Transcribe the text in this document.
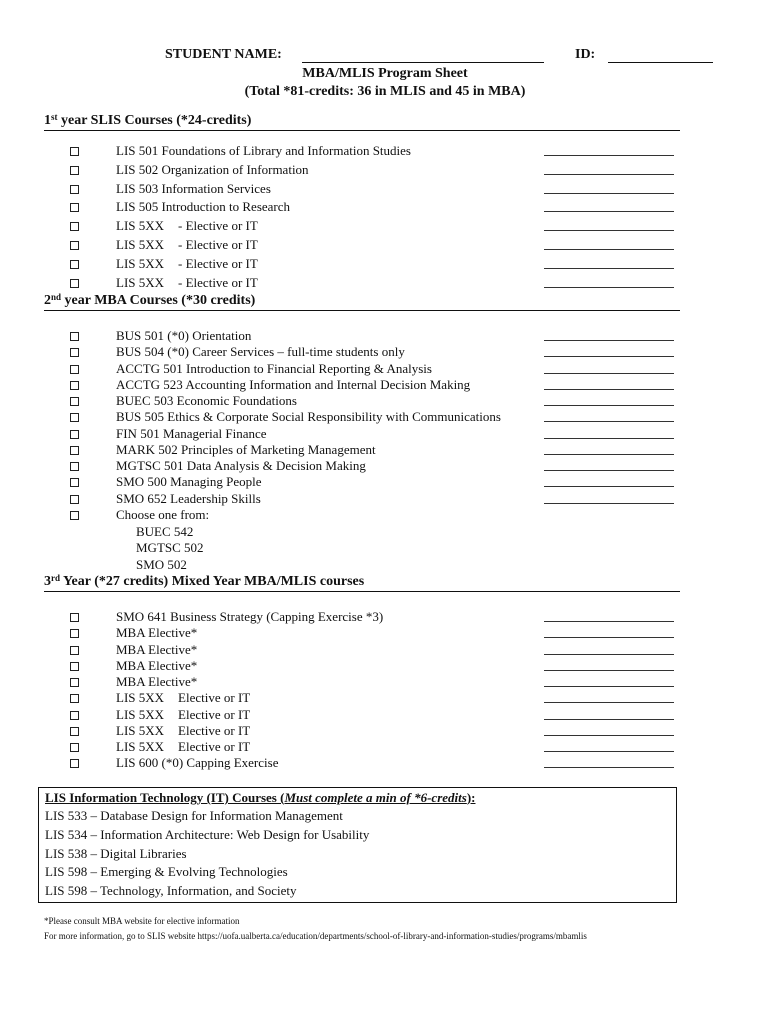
STUDENT NAME:	ID:
MBA/MLIS Program Sheet
(Total *81-credits: 36 in MLIS and 45 in MBA)
1st year SLIS Courses (*24-credits)
LIS 501 Foundations of Library and Information Studies
LIS 502 Organization of Information
LIS 503 Information Services
LIS 505 Introduction to Research
LIS 5XX - Elective or IT
LIS 5XX - Elective or IT
LIS 5XX - Elective or IT
LIS 5XX - Elective or IT
2nd year MBA Courses (*30 credits)
BUS 501 (*0) Orientation
BUS 504 (*0) Career Services – full-time students only
ACCTG 501 Introduction to Financial Reporting & Analysis
ACCTG 523 Accounting Information and Internal Decision Making
BUEC 503 Economic Foundations
BUS 505 Ethics & Corporate Social Responsibility with Communications
FIN 501 Managerial Finance
MARK 502 Principles of Marketing Management
MGTSC 501 Data Analysis & Decision Making
SMO 500 Managing People
SMO 652 Leadership Skills
Choose one from:
BUEC 542
MGTSC 502
SMO 502
3rd Year (*27 credits) Mixed Year MBA/MLIS courses
SMO 641 Business Strategy (Capping Exercise *3)
MBA Elective*
MBA Elective*
MBA Elective*
MBA Elective*
LIS 5XX Elective or IT
LIS 5XX Elective or IT
LIS 5XX Elective or IT
LIS 5XX Elective or IT
LIS 600 (*0) Capping Exercise
LIS Information Technology (IT) Courses (Must complete a min of *6-credits):
LIS 533 – Database Design for Information Management
LIS 534 – Information Architecture: Web Design for Usability
LIS 538 – Digital Libraries
LIS 598 – Emerging & Evolving Technologies
LIS 598 – Technology, Information, and Society
*Please consult MBA website for elective information
For more information, go to SLIS website https://uofa.ualberta.ca/education/departments/school-of-library-and-information-studies/programs/mbamlis
